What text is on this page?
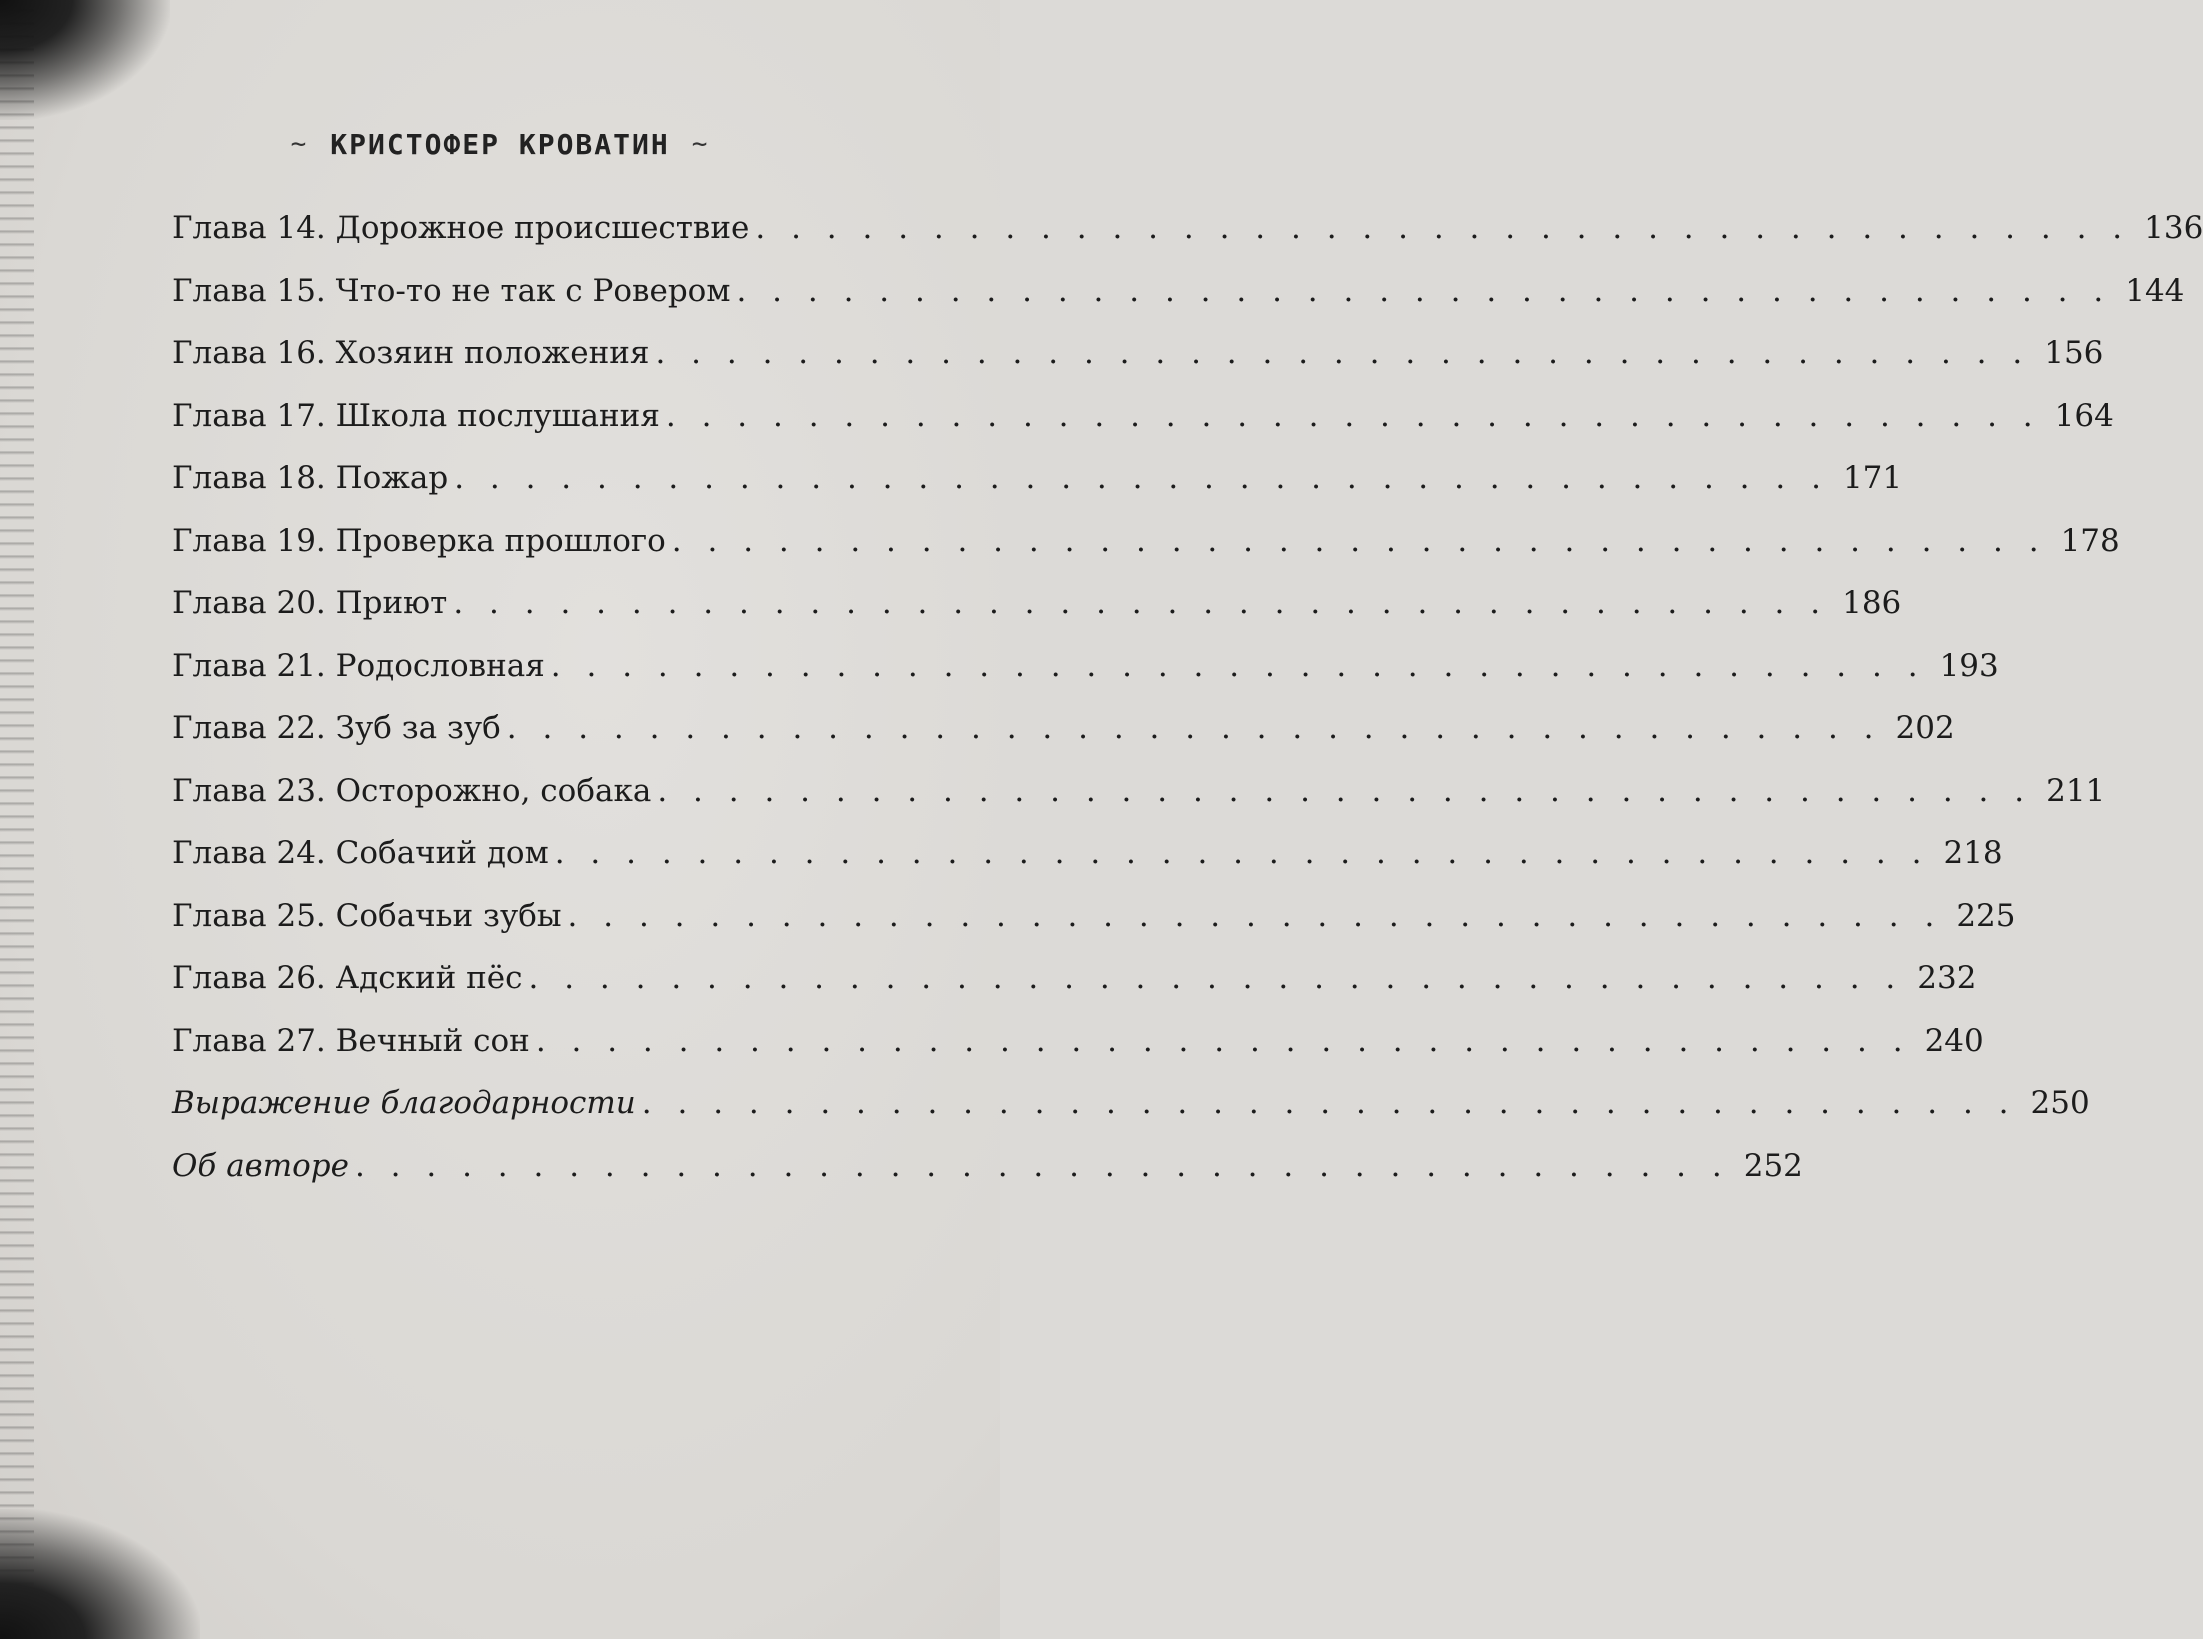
~ КРИСТОФЕР КРОВАТИН ~
Глава 14. Дорожное происшествие . . . . . . . . . . . . . . . . . . . . . . . . . . . . . . . . . . . . . . . 136
Глава 15. Что-то не так с Ровером . . . . . . . . . . . . . . . . . . . . . . . . . . . . . . . . . . . . . . . 144
Глава 16. Хозяин положения . . . . . . . . . . . . . . . . . . . . . . . . . . . . . . . . . . . . . . . 156
Глава 17. Школа послушания . . . . . . . . . . . . . . . . . . . . . . . . . . . . . . . . . . . . . . . 164
Глава 18. Пожар . . . . . . . . . . . . . . . . . . . . . . . . . . . . . . . . . . . . . . . 171
Глава 19. Проверка прошлого . . . . . . . . . . . . . . . . . . . . . . . . . . . . . . . . . . . . . . . 178
Глава 20. Приют . . . . . . . . . . . . . . . . . . . . . . . . . . . . . . . . . . . . . . . 186
Глава 21. Родословная . . . . . . . . . . . . . . . . . . . . . . . . . . . . . . . . . . . . . . . 193
Глава 22. Зуб за зуб . . . . . . . . . . . . . . . . . . . . . . . . . . . . . . . . . . . . . . . 202
Глава 23. Осторожно, собака . . . . . . . . . . . . . . . . . . . . . . . . . . . . . . . . . . . . . . . 211
Глава 24. Собачий дом . . . . . . . . . . . . . . . . . . . . . . . . . . . . . . . . . . . . . . . 218
Глава 25. Собачьи зубы . . . . . . . . . . . . . . . . . . . . . . . . . . . . . . . . . . . . . . . 225
Глава 26. Адский пёс . . . . . . . . . . . . . . . . . . . . . . . . . . . . . . . . . . . . . . . 232
Глава 27. Вечный сон . . . . . . . . . . . . . . . . . . . . . . . . . . . . . . . . . . . . . . . 240
Выражение благодарности . . . . . . . . . . . . . . . . . . . . . . . . . . . . . . . . . . . . . . . 250
Об авторе . . . . . . . . . . . . . . . . . . . . . . . . . . . . . . . . . . . . . . . 252
